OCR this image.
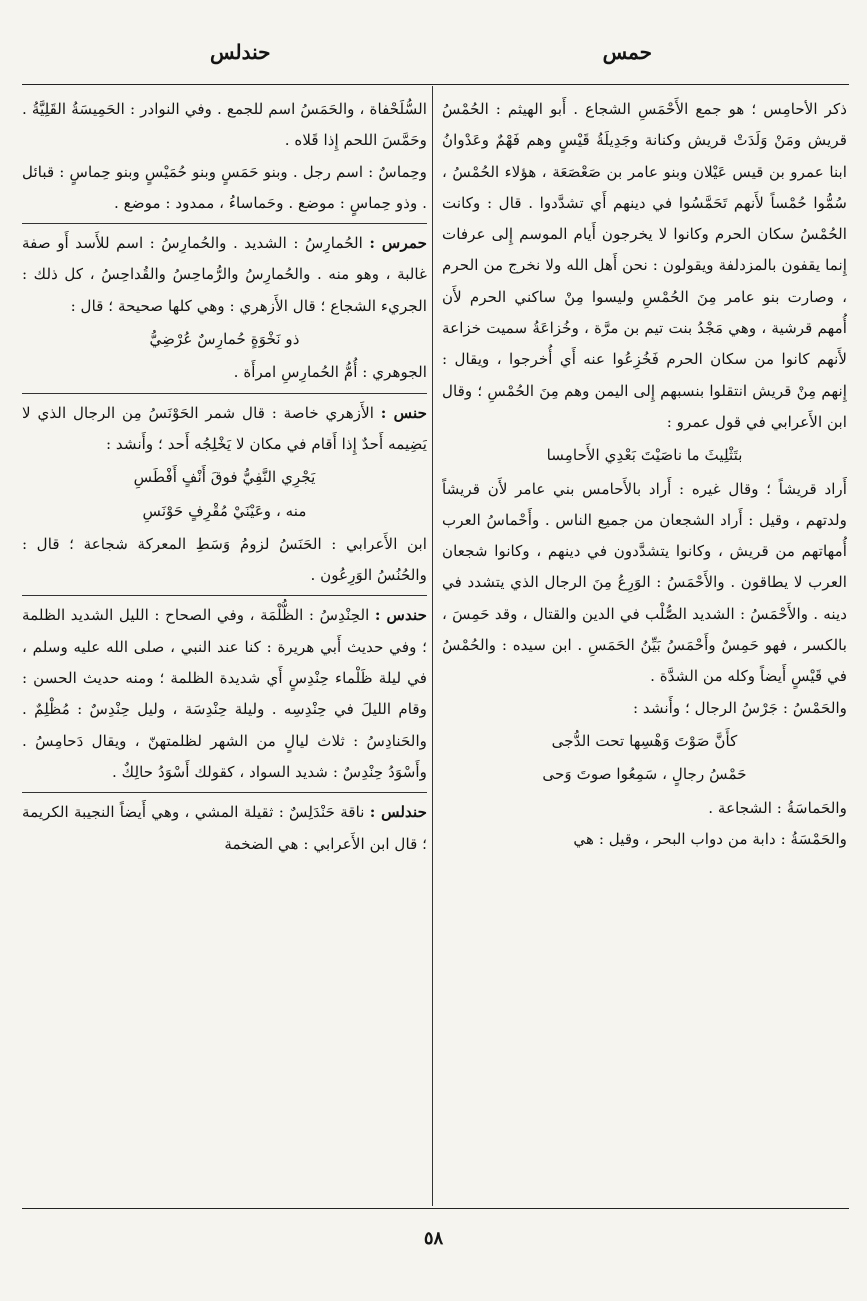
حمس
حندلس

ذكر الأحامِس ؛ هو جمع الأَحْمَسِ الشجاع . أَبو الهيثم : الحُمْسُ قريش ومَنْ وَلَدَتْ قريش وكنانة وجَدِيلَةُ قَيْسٍ وهم فَهْمٌ وعَدْوانُ ابنا عمرو بن قيس عَيْلان وبنو عامر بن صَعْصَعَة ، هؤلاء الحُمْسُ ، سُمُّوا حُمْساً لأَنهم تَحَمَّسُوا في دينهم أَي تشدَّدوا . قال : وكانت الحُمْسُ سكان الحرم وكانوا لا يخرجون أَيام الموسم إِلى عرفات إِنما يقفون بالمزدلفة ويقولون : نحن أَهل الله ولا نخرج من الحرم ، وصارت بنو عامر مِنَ الحُمْسِ وليسوا مِنْ ساكني الحرم لأَن أُمهم قرشية ، وهي مَجْدُ بنت تيم بن مرَّة ، وخُزاعَةُ سميت خزاعة لأَنهم كانوا من سكان الحرم فَخُزِعُوا عنه أَي أُخرجوا ، ويقال : إِنهم مِنْ قريش انتقلوا بنسبهم إِلى اليمن وهم مِنَ الحُمْسِ ؛ وقال ابن الأَعرابي في قول عمرو :

بتَثْلِيثَ ما ناصَيْتَ بَعْدِي الأَحامِسا

أَراد قريشاً ؛ وقال غيره : أَراد بالأَحامس بني عامر لأَن قريشاً ولدتهم ، وقيل : أَراد الشجعان من جميع الناس . وأَحْماسُ العرب أُمهاتهم من قريش ، وكانوا يتشدَّدون في دينهم ، وكانوا شجعان العرب لا يطاقون . والأَحْمَسُ : الوَرِعُ مِنَ الرجال الذي يتشدد في دينه . والأَحْمَسُ : الشديد الصُّلْب في الدين والقتال ، وقد حَمِسَ ، بالكسر ، فهو حَمِسٌ وأَحْمَسُ بَيِّنُ الحَمَسِ . ابن سيده : والحُمْسُ في قَيْسٍ أَيضاً وكله من الشدَّة .

والحَمْسُ : جَرْسُ الرجال ؛ وأَنشد :

كأَنَّ صَوْتَ وَهْسِها تحت الدُّجى

حَمْسُ رجالٍ ، سَمِعُوا صوتَ وَحى

والحَماسَةُ : الشجاعة .

والحَمْسَةُ : دابة من دواب البحر ، وقيل : هي

السُّلَحْفاة ، والحَمَسُ اسم للجمع . وفي النوادر : الحَمِيسَةُ القَلِيَّةُ . وحَمَّسَ اللحم إِذا قَلاه .

وحِماسٌ : اسم رجل . وبنو حَمَسٍ وبنو حُمَيْسٍ وبنو حِماسٍ : قبائل . وذو حِماسٍ : موضع . وحَماساءُ ، ممدود : موضع .

حمرس : الحُمارِسُ : الشديد . والحُمارِسُ : اسم للأَسد أَو صفة غالبة ، وهو منه . والحُمارِسُ والرُّماحِسُ والقُداحِسُ ، كل ذلك : الجريء الشجاع ؛ قال الأَزهري : وهي كلها صحيحة ؛ قال :

ذو نَخْوَةٍ حُمارِسٌ عُرْضِيُّ

الجوهري : أُمُّ الحُمارِسِ امرأَة .

حنس : الأَزهري خاصة : قال شمر الحَوْنَسُ مِن الرجال الذي لا يَضِيمه أَحدٌ إِذا أَقام في مكان لا يَخْلِجُه أَحد ؛ وأَنشد :

يَجْرِي النَّفِيُّ فوقَ أَنْفٍ أَفْطَسِ

منه ، وعَيْنَيْ مُقْرِفٍ حَوْنَسِ

ابن الأَعرابي : الحَنَسُ لزومُ وَسَطِ المعركة شجاعة ؛ قال : والحُنُسُ الوَرِعُون .

حندس : الحِنْدِسُ : الظُّلْمَة ، وفي الصحاح : الليل الشديد الظلمة ؛ وفي حديث أَبي هريرة : كنا عند النبي ، صلى الله عليه وسلم ، في ليلة ظَلْماء حِنْدِسٍ أَي شديدة الظلمة ؛ ومنه حديث الحسن : وقام الليلَ في حِنْدِسِه . وليلة حِنْدِسَة ، وليل حِنْدِسٌ : مُظْلِمٌ . والحَنادِسُ : ثلاث ليالٍ من الشهر لظلمتهنّ ، ويقال دَحامِسُ . وأَسْوَدُ حِنْدِسٌ : شديد السواد ، كقولك أَسْوَدُ حالِكٌ .

حندلس : ناقة حَنْدَلِسٌ : ثقيلة المشي ، وهي أَيضاً النجيبة الكريمة ؛ قال ابن الأَعرابي : هي الضخمة

٥٨
